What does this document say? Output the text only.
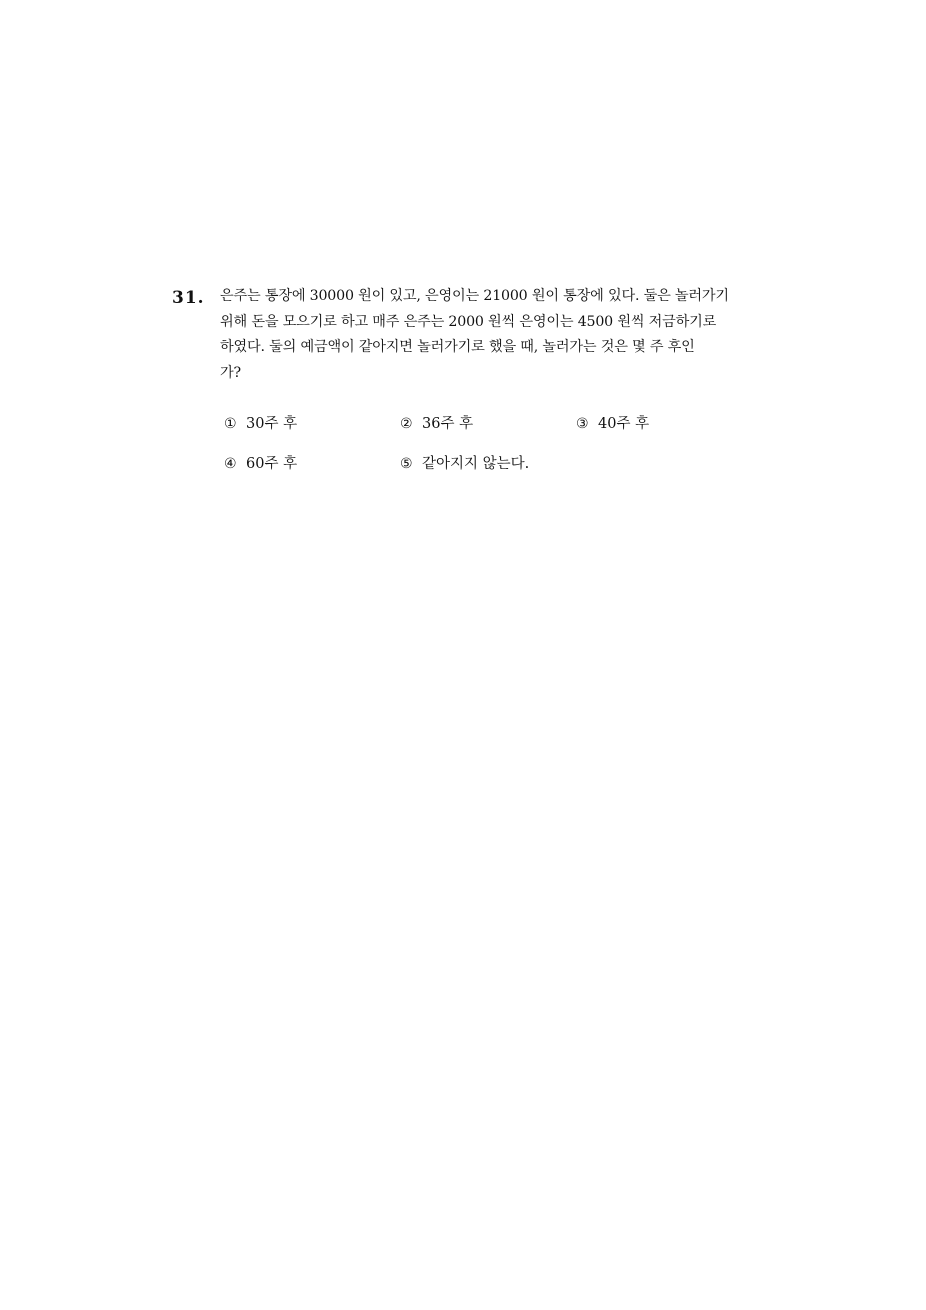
31. 은주는 통장에 30000 원이 있고, 은영이는 21000 원이 통장에 있다. 둘은 놀러가기
위해 돈을 모으기로 하고 매주 은주는 2000 원씩 은영이는 4500 원씩 저금하기로
하였다. 둘의 예금액이 같아지면 놀러가기로 했을 때, 놀러가는 것은 몇 주 후인
가?
① 30주 후	② 36주 후	③ 40주 후
④ 60주 후	⑤ 같아지지 않는다.
